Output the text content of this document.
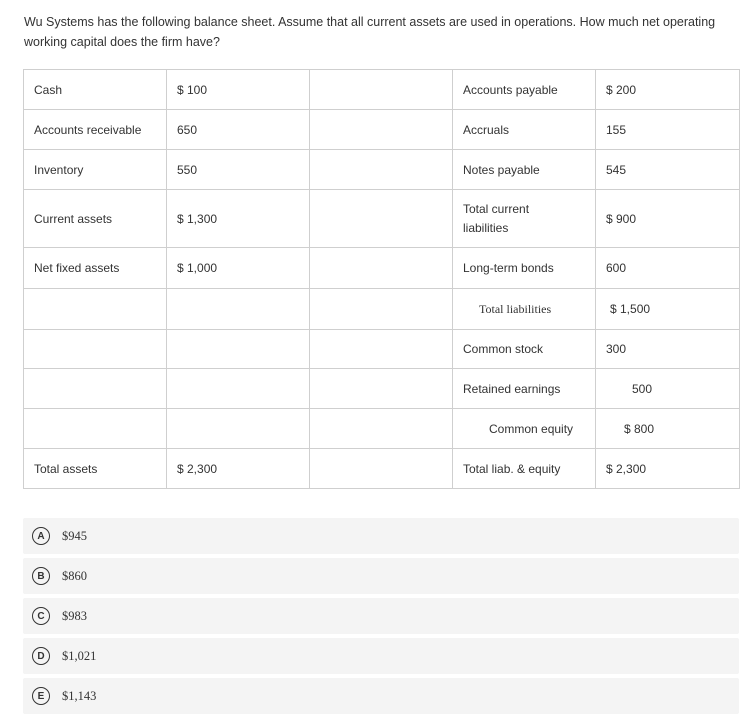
Wu Systems has the following balance sheet. Assume that all current assets are used in operations. How much net operating working capital does the firm have?
Cash	$ 100		Accounts payable	$ 200
Accounts receivable	650		Accruals	155
Inventory	550		Notes payable	545
Current assets	$ 1,300		Total current liabilities	$ 900
Net fixed assets	$ 1,000		Long-term bonds	600
			Total liabilities	$ 1,500
			Common stock	300
			Retained earnings	500
			Common equity	$ 800
Total assets	$ 2,300		Total liab. & equity	$ 2,300
A	$945
B	$860
C	$983
D	$1,021
E	$1,143
